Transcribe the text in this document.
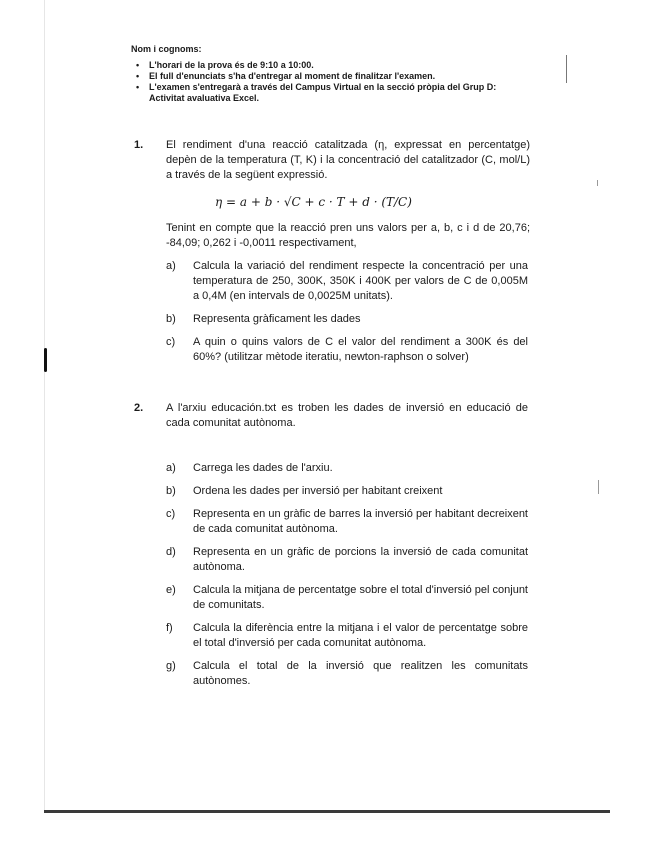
Nom i cognoms:
• L'horari de la prova és de 9:10 a 10:00.
• El full d'enunciats s'ha d'entregar al moment de finalitzar l'examen.
• L'examen s'entregarà a través del Campus Virtual en la secció pròpia del Grup D: Activitat avaluativa Excel.
1. El rendiment d'una reacció catalitzada (η, expressat en percentatge) depèn de la temperatura (T, K) i la concentració del catalitzador (C, mol/L) a través de la següent expressió.

η = a + b · √C + c · T + d · (T/C)

Tenint en compte que la reacció pren uns valors per a, b, c i d de 20,76; -84,09; 0,262 i -0,0011 respectivament,

a) Calcula la variació del rendiment respecte la concentració per una temperatura de 250, 300K, 350K i 400K per valors de C de 0,005M a 0,4M (en intervals de 0,0025M unitats).
b) Representa gràficament les dades
c) A quin o quins valors de C el valor del rendiment a 300K és del 60%? (utilitzar mètode iteratiu, newton-raphson o solver)
2. A l'arxiu educación.txt es troben les dades de inversió en educació de cada comunitat autònoma.

a) Carrega les dades de l'arxiu.
b) Ordena les dades per inversió per habitant creixent
c) Representa en un gràfic de barres la inversió per habitant decreixent de cada comunitat autònoma.
d) Representa en un gràfic de porcions la inversió de cada comunitat autònoma.
e) Calcula la mitjana de percentatge sobre el total d'inversió pel conjunt de comunitats.
f) Calcula la diferència entre la mitjana i el valor de percentatge sobre el total d'inversió per cada comunitat autònoma.
g) Calcula el total de la inversió que realitzen les comunitats autònomes.
